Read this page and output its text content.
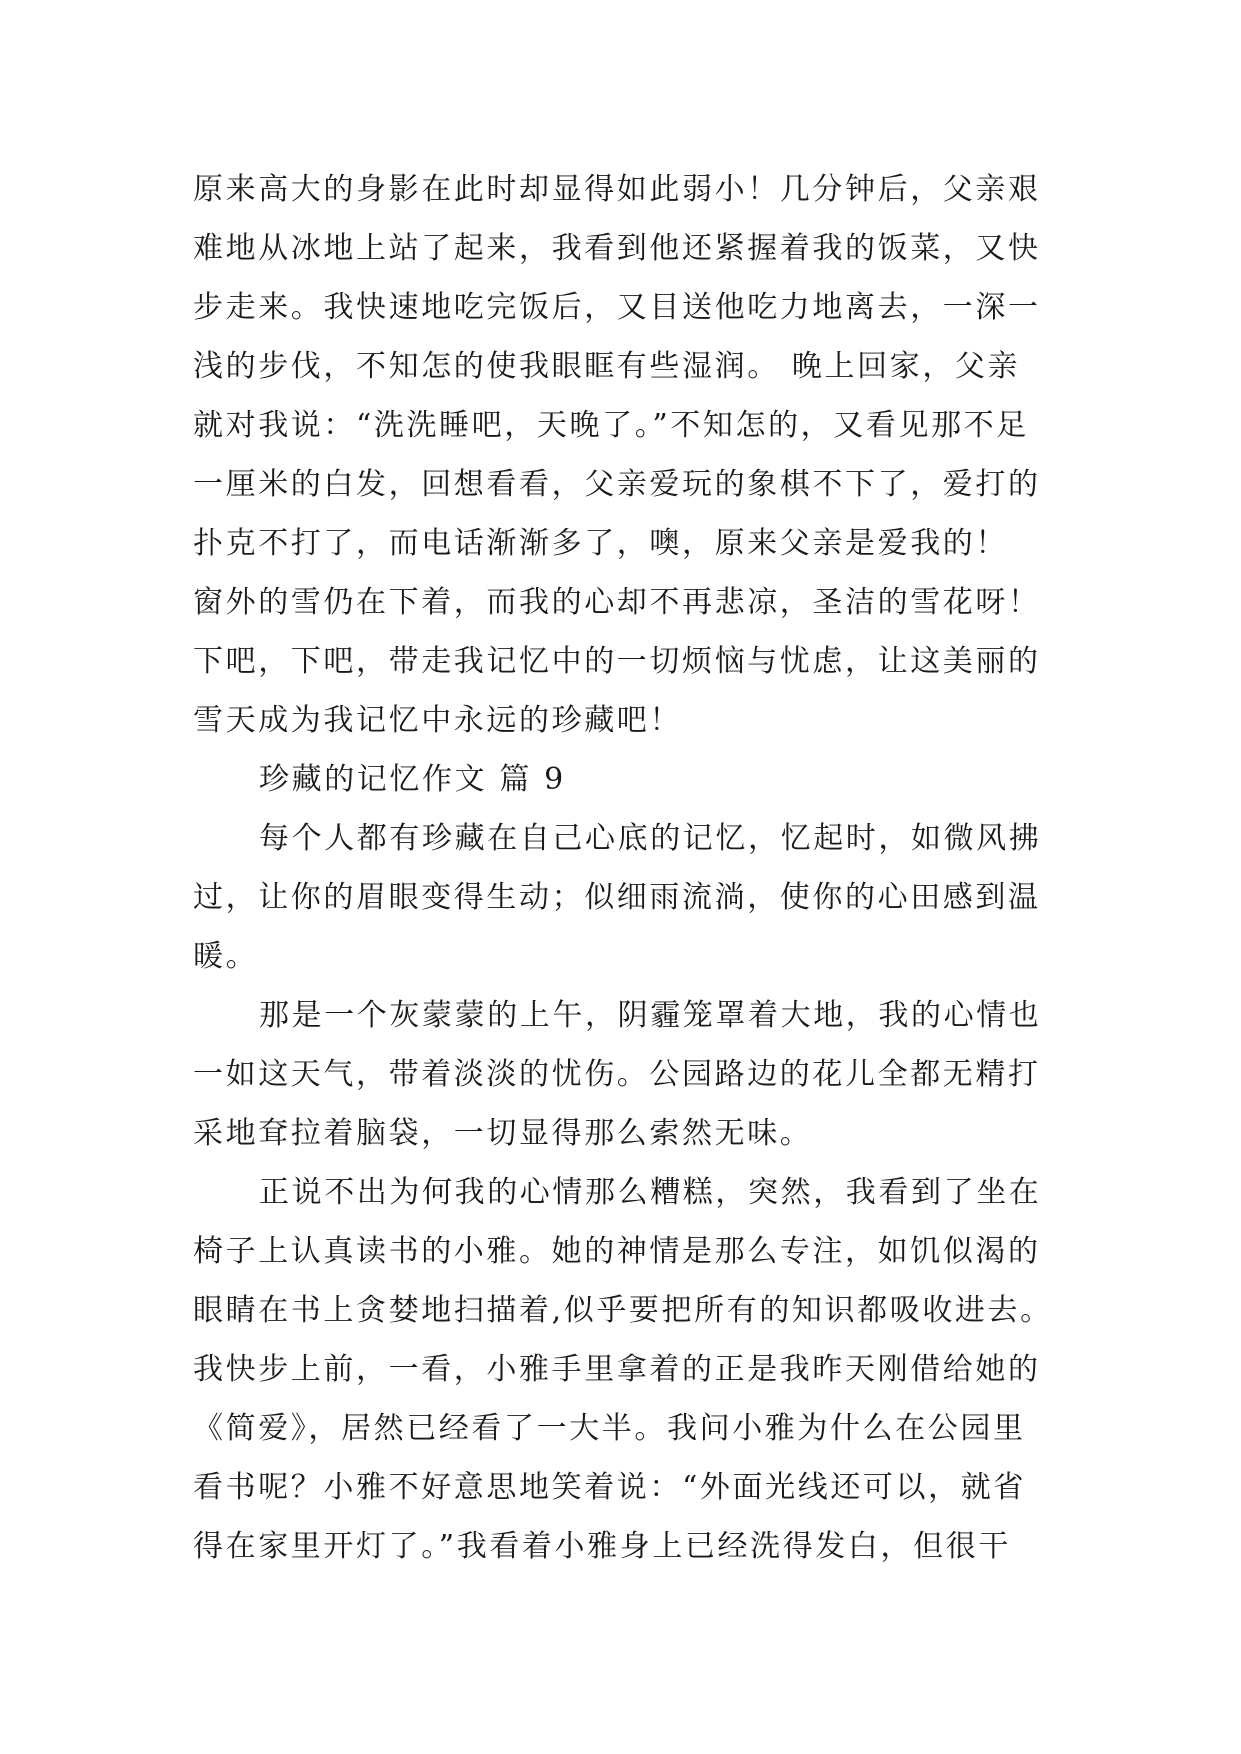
原来高大的身影在此时却显得如此弱小！几分钟后，父亲艰
难地从冰地上站了起来，我看到他还紧握着我的饭菜，又快
步走来。我快速地吃完饭后，又目送他吃力地离去，一深一
浅的步伐，不知怎的使我眼眶有些湿润。 晚上回家，父亲
就对我说：“洗洗睡吧，天晚了。”不知怎的，又看见那不足
一厘米的白发，回想看看，父亲爱玩的象棋不下了，爱打的
扑克不打了，而电话渐渐多了，噢，原来父亲是爱我的！
窗外的雪仍在下着，而我的心却不再悲凉，圣洁的雪花呀！
下吧，下吧，带走我记忆中的一切烦恼与忧虑，让这美丽的
雪天成为我记忆中永远的珍藏吧！
珍藏的记忆作文 篇 9
每个人都有珍藏在自己心底的记忆，忆起时，如微风拂
过，让你的眉眼变得生动；似细雨流淌，使你的心田感到温
暖。
那是一个灰蒙蒙的上午，阴霾笼罩着大地，我的心情也
一如这天气，带着淡淡的忧伤。公园路边的花儿全都无精打
采地耷拉着脑袋，一切显得那么索然无味。
正说不出为何我的心情那么糟糕，突然，我看到了坐在
椅子上认真读书的小雅。她的神情是那么专注，如饥似渴的
眼睛在书上贪婪地扫描着,似乎要把所有的知识都吸收进去。
我快步上前，一看，小雅手里拿着的正是我昨天刚借给她的
《简爱》，居然已经看了一大半。我问小雅为什么在公园里
看书呢？小雅不好意思地笑着说：“外面光线还可以，就省
得在家里开灯了。”我看着小雅身上已经洗得发白，但很干
